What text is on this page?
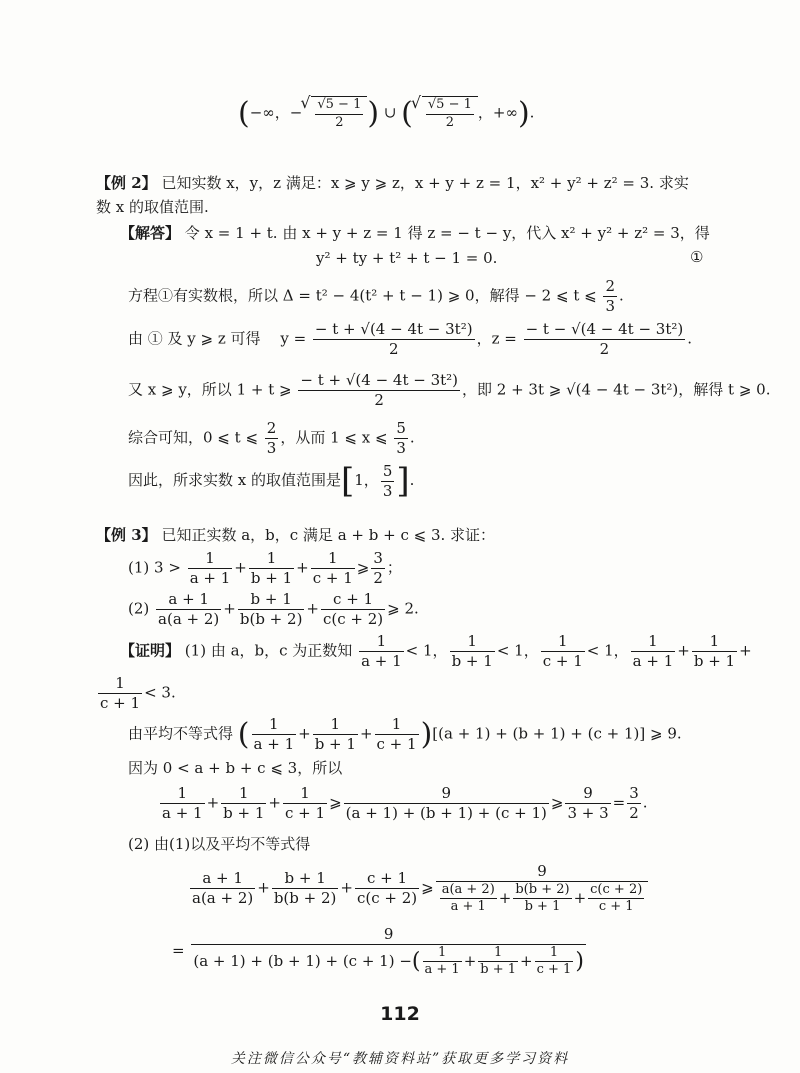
(−∞，− √ $\frac{√5 - 1}{2}$ ) ∪ ( √ $\frac{√5 - 1}{2}$ ，+∞).
【例 2】 已知实数 x，y，z 满足：x ⩾ y ⩾ z，x + y + z = 1，x² + y² + z² = 3. 求实
数 x 的取值范围.
【解答】 令 x = 1 + t. 由 x + y + z = 1 得 z = − t − y，代入 x² + y² + z² = 3，得
y² + ty + t² + t − 1 = 0.	①
方程①有实数根，所以 Δ = t² − 4(t² + t − 1) ⩾ 0，解得 − 2 ⩽ t ⩽ $\frac{2}{3}$ .
由 ① 及 y ⩾ z 可得　 $y = \frac{\text{− t + √(4 − 4t − 3t²)}}{2}$ ，$z = \frac{\text{− t − √(4 − 4t − 3t²)}}{2}$ .
又 x ⩾ y，所以 1 + t ⩾ $\frac{\text{− t + √(4 − 4t − 3t²)}}{2}$ ，即 2 + 3t ⩾ √(4 − 4t − 3t²)，解得 t ⩾ 0.
综合可知，0 ⩽ t ⩽ $\frac{2}{3}$ ，从而 1 ⩽ x ⩽ $\frac{5}{3}$ .
因此，所求实数 x 的取值范围是[1， $\frac{5}{3}$ ].
【例 3】 已知正实数 a，b，c 满足 a + b + c ⩽ 3. 求证：
(1) $3 > \frac{1}{a + 1} + \frac{1}{b + 1} + \frac{1}{c + 1}$ ⩾ $\frac{3}{2}$ ；
$(2) \frac{a + 1}{a(a + 2)} + \frac{b + 1}{b(b + 2)} + \frac{c + 1}{c(c + 2)}$ ⩾ 2.
【证明】 (1) 由 a，b，c 为正数知 $\frac{1}{a + 1} < 1$， $\frac{1}{b + 1} < 1$， $\frac{1}{c + 1} < 1$， $\frac{1}{a + 1} + \frac{1}{b + 1}$ +
$\frac{1}{c + 1} < 3$.
由平均不等式得 ( $\frac{1}{a + 1} + \frac{1}{b + 1} + \frac{1}{c + 1} )[(a + 1) + (b + 1) + (c + 1)]$ ⩾ 9.
因为 0 < a + b + c ⩽ 3，所以
$\frac{1}{a + 1} + \frac{1}{b + 1} + \frac{1}{c + 1}$ ⩾ $\frac{9}{(a + 1) + (b + 1) + (c + 1)}$ ⩾ $\frac{9}{3 + 3} = \frac{3}{2}$ .
(2) 由(1)以及平均不等式得
$\frac{a + 1}{a(a + 2)} + \frac{b + 1}{b(b + 2)} + \frac{c + 1}{c(c + 2)}$ ⩾ $\frac{9}{\frac{a(a + 2)}{a + 1} + \frac{b(b + 2)}{b + 1} + \frac{c(c + 2)}{c + 1}}$
= $\frac{9}{(a + 1) + (b + 1) + (c + 1) -( \frac{1}{a + 1} + \frac{1}{b + 1} + \frac{1}{c + 1} )}$
112
关注微信公众号“教辅资料站”获取更多学习资料
